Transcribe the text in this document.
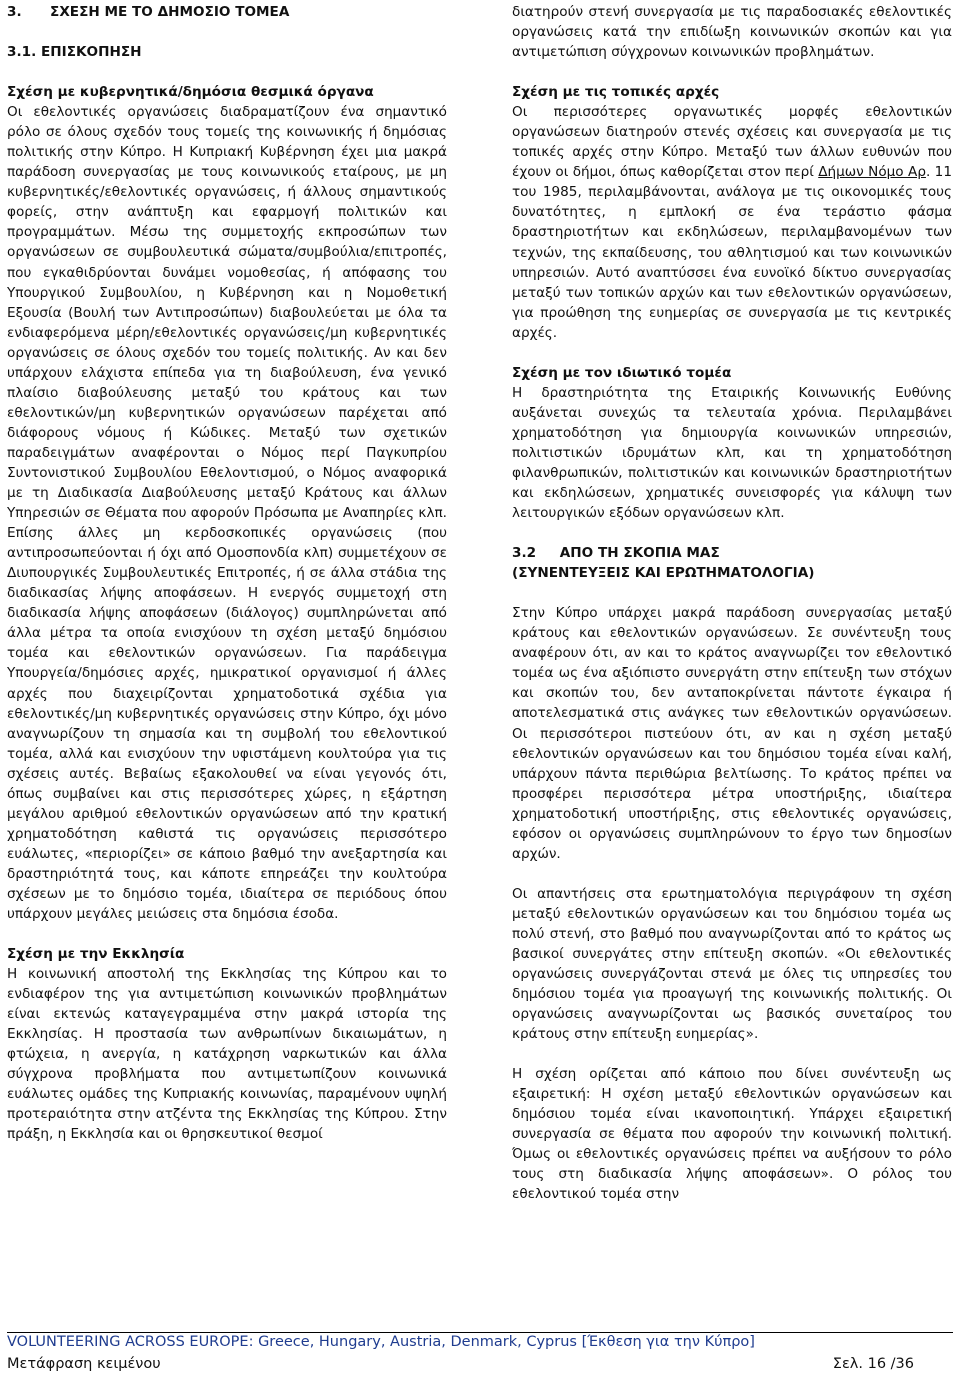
3. ΣΧΕΣΗ ΜΕ ΤΟ ΔΗΜΟΣΙΟ ΤΟΜΕΑ

3.1. ΕΠΙΣΚΟΠΗΣΗ

Σχέση με κυβερνητικά/δημόσια θεσμικά όργανα

Οι εθελοντικές οργανώσεις διαδραματίζουν ένα σημαντικό ρόλο σε όλους σχεδόν τους τομείς της κοινωνικής ή δημόσιας πολιτικής στην Κύπρο. Η Κυπριακή Κυβέρνηση έχει μια μακρά παράδοση συνεργασίας με τους κοινωνικούς εταίρους, με μη κυβερνητικές/εθελοντικές οργανώσεις, ή άλλους σημαντικούς φορείς, στην ανάπτυξη και εφαρμογή πολιτικών και προγραμμάτων. Μέσω της συμμετοχής εκπροσώπων των οργανώσεων σε συμβουλευτικά σώματα/συμβούλια/επιτροπές, που εγκαθιδρύονται δυνάμει νομοθεσίας, ή απόφασης του Υπουργικού Συμβουλίου, η Κυβέρνηση και η Νομοθετική Εξουσία (Βουλή των Αντιπροσώπων) διαβουλεύεται με όλα τα ενδιαφερόμενα μέρη/εθελοντικές οργανώσεις/μη κυβερνητικές οργανώσεις σε όλους σχεδόν του τομείς πολιτικής. Αν και δεν υπάρχουν ελάχιστα επίπεδα για τη διαβούλευση, ένα γενικό πλαίσιο διαβούλευσης μεταξύ του κράτους και των εθελοντικών/μη κυβερνητικών οργανώσεων παρέχεται από διάφορους νόμους ή Κώδικες. Μεταξύ των σχετικών παραδειγμάτων αναφέρονται ο Νόμος περί Παγκυπρίου Συντονιστικού Συμβουλίου Εθελοντισμού, ο Νόμος αναφορικά με τη Διαδικασία Διαβούλευσης μεταξύ Κράτους και άλλων Υπηρεσιών σε Θέματα που αφορούν Πρόσωπα με Αναπηρίες κλπ. Επίσης άλλες μη κερδοσκοπικές οργανώσεις (που αντιπροσωπεύονται ή όχι από Ομοσπονδία κλπ) συμμετέχουν σε Διυπουργικές Συμβουλευτικές Επιτροπές, ή σε άλλα στάδια της διαδικασίας λήψης αποφάσεων. Η ενεργός συμμετοχή στη διαδικασία λήψης αποφάσεων (διάλογος) συμπληρώνεται από άλλα μέτρα τα οποία ενισχύουν τη σχέση μεταξύ δημόσιου τομέα και εθελοντικών οργανώσεων. Για παράδειγμα Υπουργεία/δημόσιες αρχές, ημικρατικοί οργανισμοί ή άλλες αρχές που διαχειρίζονται χρηματοδοτικά σχέδια για εθελοντικές/μη κυβερνητικές οργανώσεις στην Κύπρο, όχι μόνο αναγνωρίζουν τη σημασία και τη συμβολή του εθελοντικού τομέα, αλλά και ενισχύουν την υφιστάμενη κουλτούρα για τις σχέσεις αυτές. Βεβαίως εξακολουθεί να είναι γεγονός ότι, όπως συμβαίνει και στις περισσότερες χώρες, η εξάρτηση μεγάλου αριθμού εθελοντικών οργανώσεων από την κρατική χρηματοδότηση καθιστά τις οργανώσεις περισσότερο ευάλωτες, «περιορίζει» σε κάποιο βαθμό την ανεξαρτησία και δραστηριότητά τους, και κάποτε επηρεάζει την κουλτούρα σχέσεων με το δημόσιο τομέα, ιδιαίτερα σε περιόδους όπου υπάρχουν μεγάλες μειώσεις στα δημόσια έσοδα.

Σχέση με την Εκκλησία

Η κοινωνική αποστολή της Εκκλησίας της Κύπρου και το ενδιαφέρον της για αντιμετώπιση κοινωνικών προβλημάτων είναι εκτενώς καταγεγραμμένα στην μακρά ιστορία της Εκκλησίας. Η προστασία των ανθρωπίνων δικαιωμάτων, η φτώχεια, η ανεργία, η κατάχρηση ναρκωτικών και άλλα σύγχρονα προβλήματα που αντιμετωπίζουν κοινωνικά ευάλωτες ομάδες της Κυπριακής κοινωνίας, παραμένουν υψηλή προτεραιότητα στην ατζέντα της Εκκλησίας της Κύπρου. Στην πράξη, η Εκκλησία και οι θρησκευτικοί θεσμοί

διατηρούν στενή συνεργασία με τις παραδοσιακές εθελοντικές οργανώσεις κατά την επιδίωξη κοινωνικών σκοπών και για αντιμετώπιση σύγχρονων κοινωνικών προβλημάτων.

Σχέση με τις τοπικές αρχές

Οι περισσότερες οργανωτικές μορφές εθελοντικών οργανώσεων διατηρούν στενές σχέσεις και συνεργασία με τις τοπικές αρχές στην Κύπρο. Μεταξύ των άλλων ευθυνών που έχουν οι δήμοι, όπως καθορίζεται στον περί Δήμων Νόμο Αρ. 11 του 1985, περιλαμβάνονται, ανάλογα με τις οικονομικές τους δυνατότητες, η εμπλοκή σε ένα τεράστιο φάσμα δραστηριοτήτων και εκδηλώσεων, περιλαμβανομένων των τεχνών, της εκπαίδευσης, του αθλητισμού και των κοινωνικών υπηρεσιών. Αυτό αναπτύσσει ένα ευνοϊκό δίκτυο συνεργασίας μεταξύ των τοπικών αρχών και των εθελοντικών οργανώσεων, για προώθηση της ευημερίας σε συνεργασία με τις κεντρικές αρχές.

Σχέση με τον ιδιωτικό τομέα

Η δραστηριότητα της Εταιρικής Κοινωνικής Ευθύνης αυξάνεται συνεχώς τα τελευταία χρόνια. Περιλαμβάνει χρηματοδότηση για δημιουργία κοινωνικών υπηρεσιών, πολιτιστικών ιδρυμάτων κλπ, και τη χρηματοδότηση φιλανθρωπικών, πολιτιστικών και κοινωνικών δραστηριοτήτων και εκδηλώσεων, χρηματικές συνεισφορές για κάλυψη των λειτουργικών εξόδων οργανώσεων κλπ.

3.2 ΑΠΟ ΤΗ ΣΚΟΠΙΑ ΜΑΣ

(ΣΥΝΕΝΤΕΥΞΕΙΣ ΚΑΙ ΕΡΩΤΗΜΑΤΟΛΟΓΙΑ)

Στην Κύπρο υπάρχει μακρά παράδοση συνεργασίας μεταξύ κράτους και εθελοντικών οργανώσεων. Σε συνέντευξη τους αναφέρουν ότι, αν και το κράτος αναγνωρίζει τον εθελοντικό τομέα ως ένα αξιόπιστο συνεργάτη στην επίτευξη των στόχων και σκοπών του, δεν ανταποκρίνεται πάντοτε έγκαιρα ή αποτελεσματικά στις ανάγκες των εθελοντικών οργανώσεων. Οι περισσότεροι πιστεύουν ότι, αν και η σχέση μεταξύ εθελοντικών οργανώσεων και του δημόσιου τομέα είναι καλή, υπάρχουν πάντα περιθώρια βελτίωσης. Το κράτος πρέπει να προσφέρει περισσότερα μέτρα υποστήριξης, ιδιαίτερα χρηματοδοτική υποστήριξης, στις εθελοντικές οργανώσεις, εφόσον οι οργανώσεις συμπληρώνουν το έργο των δημοσίων αρχών.

Οι απαντήσεις στα ερωτηματολόγια περιγράφουν τη σχέση μεταξύ εθελοντικών οργανώσεων και του δημόσιου τομέα ως πολύ στενή, στο βαθμό που αναγνωρίζονται από το κράτος ως βασικοί συνεργάτες στην επίτευξη σκοπών. «Οι εθελοντικές οργανώσεις συνεργάζονται στενά με όλες τις υπηρεσίες του δημόσιου τομέα για προαγωγή της κοινωνικής πολιτικής. Οι οργανώσεις αναγνωρίζονται ως βασικός συνεταίρος του κράτους στην επίτευξη ευημερίας».

Η σχέση ορίζεται από κάποιο που δίνει συνέντευξη ως εξαιρετική: Η σχέση μεταξύ εθελοντικών οργανώσεων και δημόσιου τομέα είναι ικανοποιητική. Υπάρχει εξαιρετική συνεργασία σε θέματα που αφορούν την κοινωνική πολιτική. Όμως οι εθελοντικές οργανώσεις πρέπει να αυξήσουν το ρόλο τους στη διαδικασία λήψης αποφάσεων». Ο ρόλος του εθελοντικού τομέα στην

VOLUNTEERING ACROSS EUROPE: Greece, Hungary, Austria, Denmark, Cyprus [Έκθεση για την Κύπρο]
Μετάφραση κειμένου	Σελ. 16 /36
